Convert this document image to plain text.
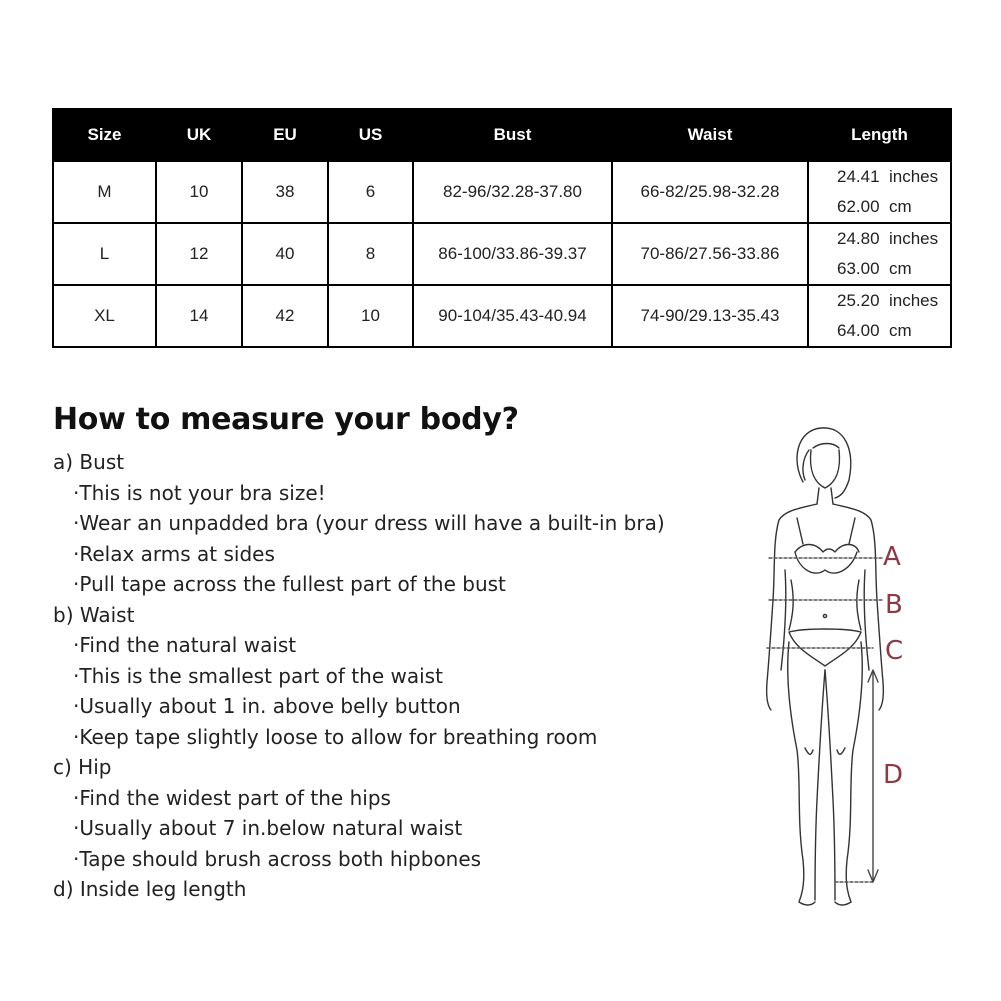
Size	UK	EU	US	Bust	Waist	Length
M	10	38	6	82-96/32.28-37.80	66-82/25.98-32.28	24.41 inches
62.00 cm

L	12	40	8	86-100/33.86-39.37	70-86/27.56-33.86	24.80 inches
63.00 cm

XL	14	42	10	90-104/35.43-40.94	74-90/29.13-35.43	25.20 inches
64.00 cm
How to measure your body?

a) Bust

·This is not your bra size!

·Wear an unpadded bra (your dress will have a built-in bra)

·Relax arms at sides

·Pull tape across the fullest part of the bust

b) Waist

·Find the natural waist

·This is the smallest part of the waist

·Usually about 1 in. above belly button

·Keep tape slightly loose to allow for breathing room

c) Hip

·Find the widest part of the hips

·Usually about 7 in.below natural waist

·Tape should brush across both hipbones

d) Inside leg length

A
B
C
D
